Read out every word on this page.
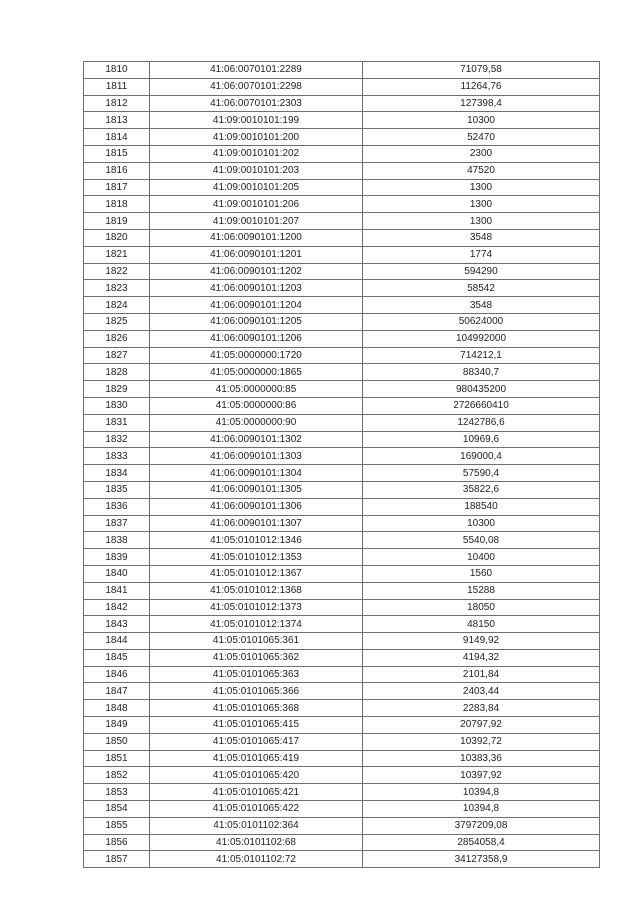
1810	41:06:0070101:2289	71079,58
1811	41:06:0070101:2298	11264,76
1812	41:06:0070101:2303	127398,4
1813	41:09:0010101:199	10300
1814	41:09:0010101:200	52470
1815	41:09:0010101:202	2300
1816	41:09:0010101:203	47520
1817	41:09:0010101:205	1300
1818	41:09:0010101:206	1300
1819	41:09:0010101:207	1300
1820	41:06:0090101:1200	3548
1821	41:06:0090101:1201	1774
1822	41:06:0090101:1202	594290
1823	41:06:0090101:1203	58542
1824	41:06:0090101:1204	3548
1825	41:06:0090101:1205	50624000
1826	41:06:0090101:1206	104992000
1827	41:05:0000000:1720	714212,1
1828	41:05:0000000:1865	88340,7
1829	41:05:0000000:85	980435200
1830	41:05:0000000:86	2726660410
1831	41:05:0000000:90	1242786,6
1832	41:06:0090101:1302	10969,6
1833	41:06:0090101:1303	169000,4
1834	41:06:0090101:1304	57590,4
1835	41:06:0090101:1305	35822,6
1836	41:06:0090101:1306	188540
1837	41:06:0090101:1307	10300
1838	41:05:0101012:1346	5540,08
1839	41:05:0101012:1353	10400
1840	41:05:0101012:1367	1560
1841	41:05:0101012:1368	15288
1842	41:05:0101012:1373	18050
1843	41:05:0101012:1374	48150
1844	41:05:0101065:361	9149,92
1845	41:05:0101065:362	4194,32
1846	41:05:0101065:363	2101,84
1847	41:05:0101065:366	2403,44
1848	41:05:0101065:368	2283,84
1849	41:05:0101065:415	20797,92
1850	41:05:0101065:417	10392,72
1851	41:05:0101065:419	10383,36
1852	41:05:0101065:420	10397,92
1853	41:05:0101065:421	10394,8
1854	41:05:0101065:422	10394,8
1855	41:05:0101102:364	3797209,08
1856	41:05:0101102:68	2854058,4
1857	41:05:0101102:72	34127358,9
